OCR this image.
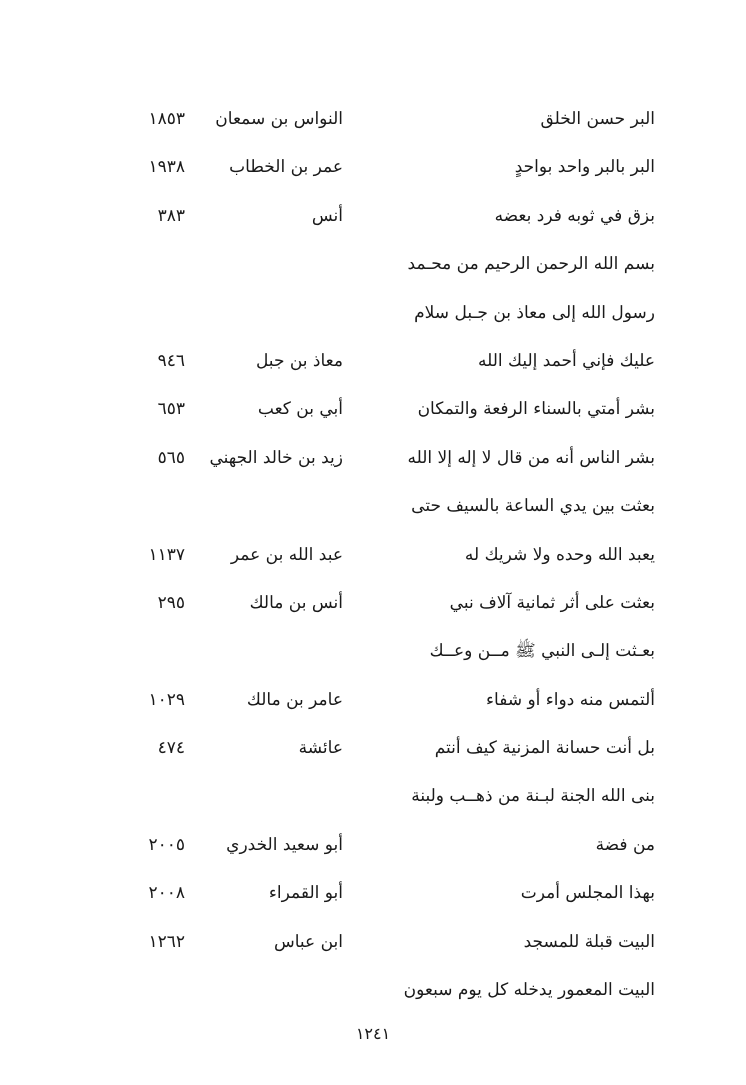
البر حسن الخلق
النواس بن سمعان
١٨٥٣
البر بالبر واحد بواحدٍ
عمر بن الخطاب
١٩٣٨
بزق في ثوبه فرد بعضه
أنس
٣٨٣
بسم الله الرحمن الرحيم من محـمد
رسول الله إلى معاذ بن جـبل سلام
عليك فإني أحمد إليك الله
معاذ بن جبل
٩٤٦
بشر أمتي بالسناء الرفعة والتمكان
أبي بن كعب
٦٥٣
بشر الناس أنه من قال لا إله إلا الله
زيد بن خالد الجهني
٥٦٥
بعثت بين يدي الساعة بالسيف حتى
يعبد الله وحده ولا شريك له
عبد الله بن عمر
١١٣٧
بعثت على أثر ثمانية آلاف نبي
أنس بن مالك
٢٩٥
بعـثت إلـى النبي ﷺ مــن وعــك
ألتمس منه دواء أو شفاء
عامر بن مالك
١٠٢٩
بل أنت حسانة المزنية كيف أنتم
عائشة
٤٧٤
بنى الله الجنة لبـنة من ذهــب ولبنة
من فضة
أبو سعيد الخدري
٢٠٠٥
بهذا المجلس أمرت
أبو القمراء
٢٠٠٨
البيت قبلة للمسجد
ابن عباس
١٢٦٢
البيت المعمور يدخله كل يوم سبعون
١٢٤١
